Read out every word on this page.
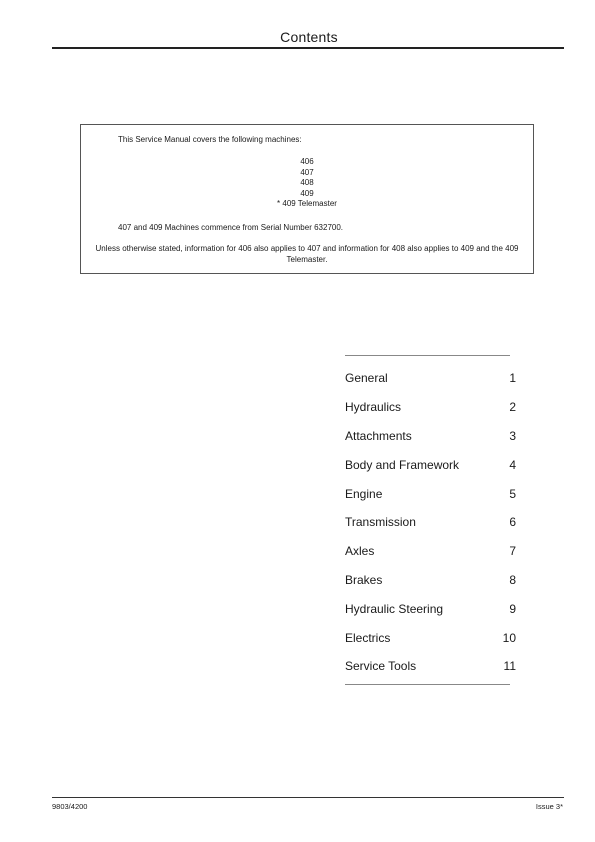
Contents
This Service Manual covers the following machines:
406
407
408
409
* 409 Telemaster
407 and 409 Machines commence from Serial Number 632700.
Unless otherwise stated, information for 406 also applies to 407 and information for 408 also applies to 409 and the 409 Telemaster.
General	1
Hydraulics	2
Attachments	3
Body and Framework	4
Engine	5
Transmission	6
Axles	7
Brakes	8
Hydraulic Steering	9
Electrics	10
Service Tools	11
9803/4200	Issue 3*
